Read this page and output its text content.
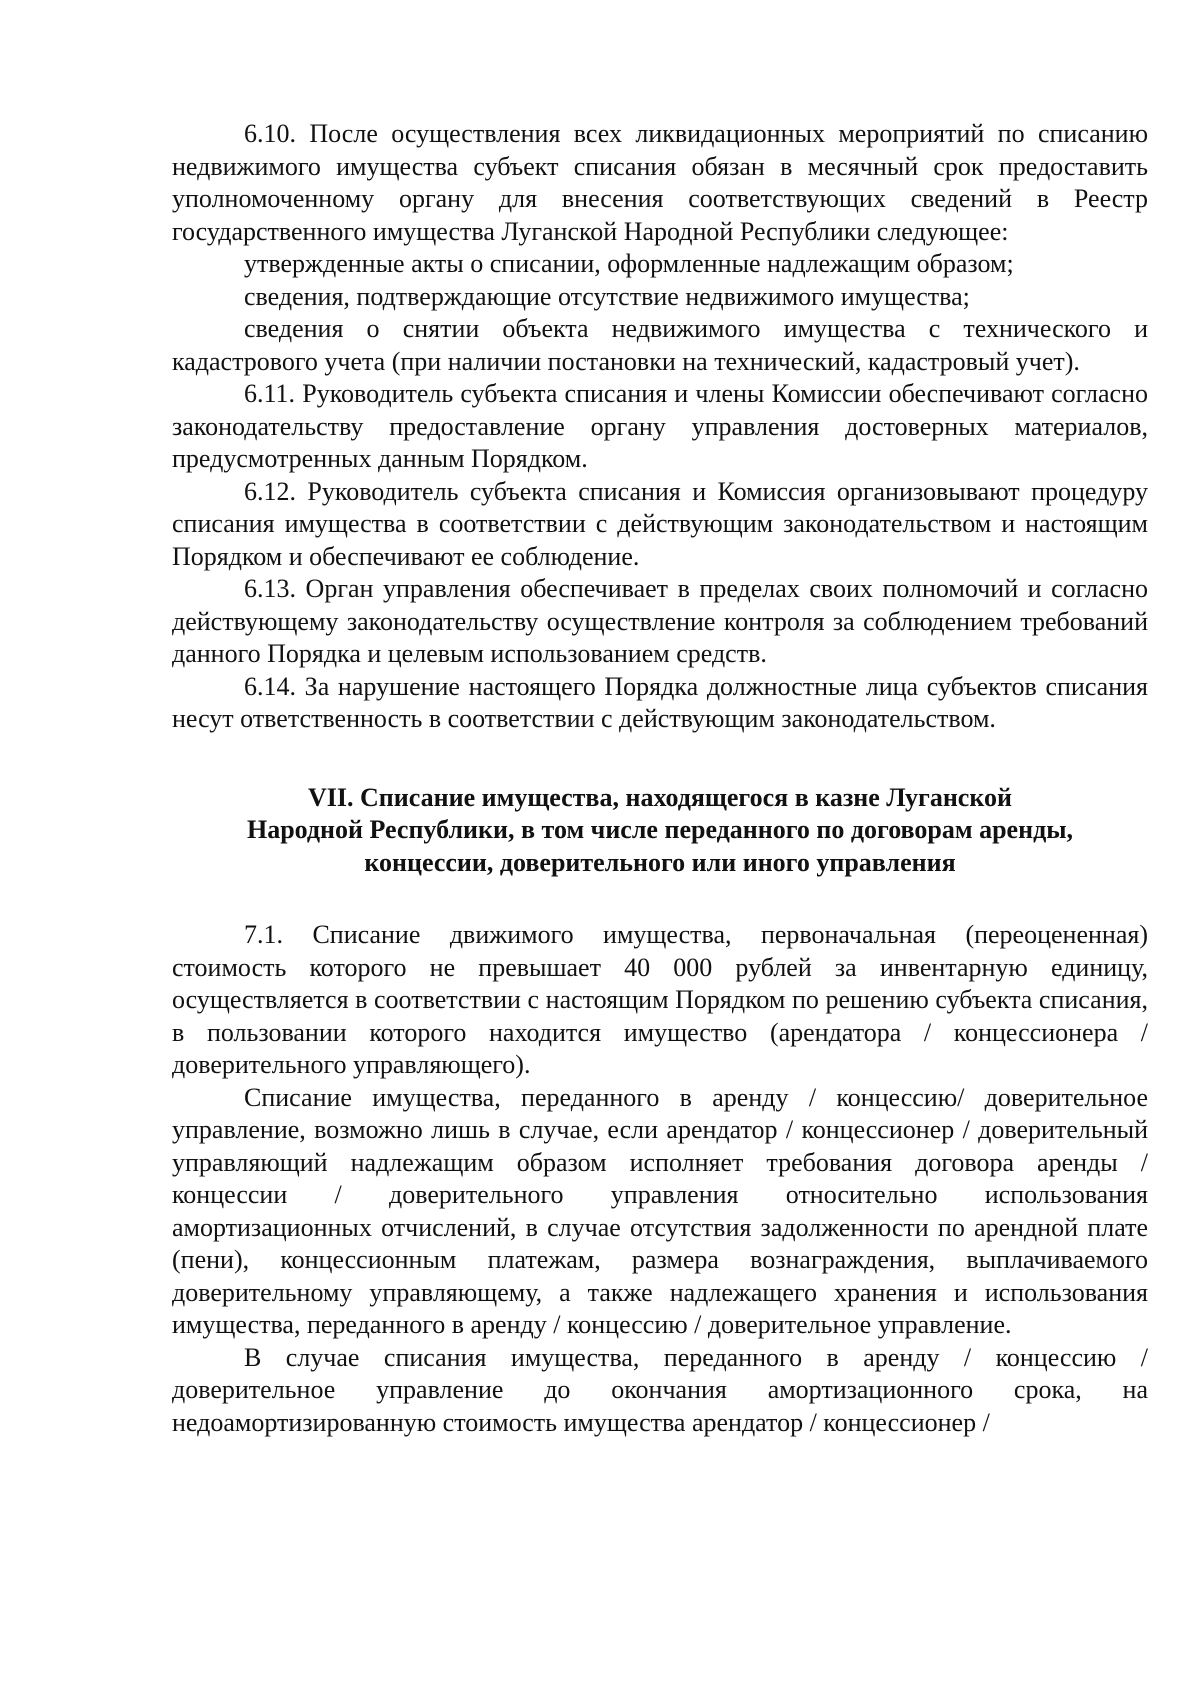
6.10. После осуществления всех ликвидационных мероприятий по списанию недвижимого имущества субъект списания обязан в месячный срок предоставить уполномоченному органу для внесения соответствующих сведений в Реестр государственного имущества Луганской Народной Республики следующее:

утвержденные акты о списании, оформленные надлежащим образом;

сведения, подтверждающие отсутствие недвижимого имущества;

сведения о снятии объекта недвижимого имущества с технического и кадастрового учета (при наличии постановки на технический, кадастровый учет).

6.11. Руководитель субъекта списания и члены Комиссии обеспечивают согласно законодательству предоставление органу управления достоверных материалов, предусмотренных данным Порядком.

6.12. Руководитель субъекта списания и Комиссия организовывают процедуру списания имущества в соответствии с действующим законодательством и настоящим Порядком и обеспечивают ее соблюдение.

6.13. Орган управления обеспечивает в пределах своих полномочий и согласно действующему законодательству осуществление контроля за соблюдением требований данного Порядка и целевым использованием средств.

6.14. За нарушение настоящего Порядка должностные лица субъектов списания несут ответственность в соответствии с действующим законодательством.

VII. Списание имущества, находящегося в казне Луганской
Народной Республики, в том числе переданного по договорам аренды,
концессии, доверительного или иного управления

7.1. Списание движимого имущества, первоначальная (переоцененная) стоимость которого не превышает 40 000 рублей за инвентарную единицу, осуществляется в соответствии с настоящим Порядком по решению субъекта списания, в пользовании которого находится имущество (арендатора / концессионера / доверительного управляющего).

Списание имущества, переданного в аренду / концессию/ доверительное управление, возможно лишь в случае, если арендатор / концессионер / доверительный управляющий надлежащим образом исполняет требования договора аренды / концессии / доверительного управления относительно использования амортизационных отчислений, в случае отсутствия задолженности по арендной плате (пени), концессионным платежам, размера вознаграждения, выплачиваемого доверительному управляющему, а также надлежащего хранения и использования имущества, переданного в аренду / концессию / доверительное управление.

В случае списания имущества, переданного в аренду / концессию / доверительное управление до окончания амортизационного срока, на недоамортизированную стоимость имущества арендатор / концессионер /
